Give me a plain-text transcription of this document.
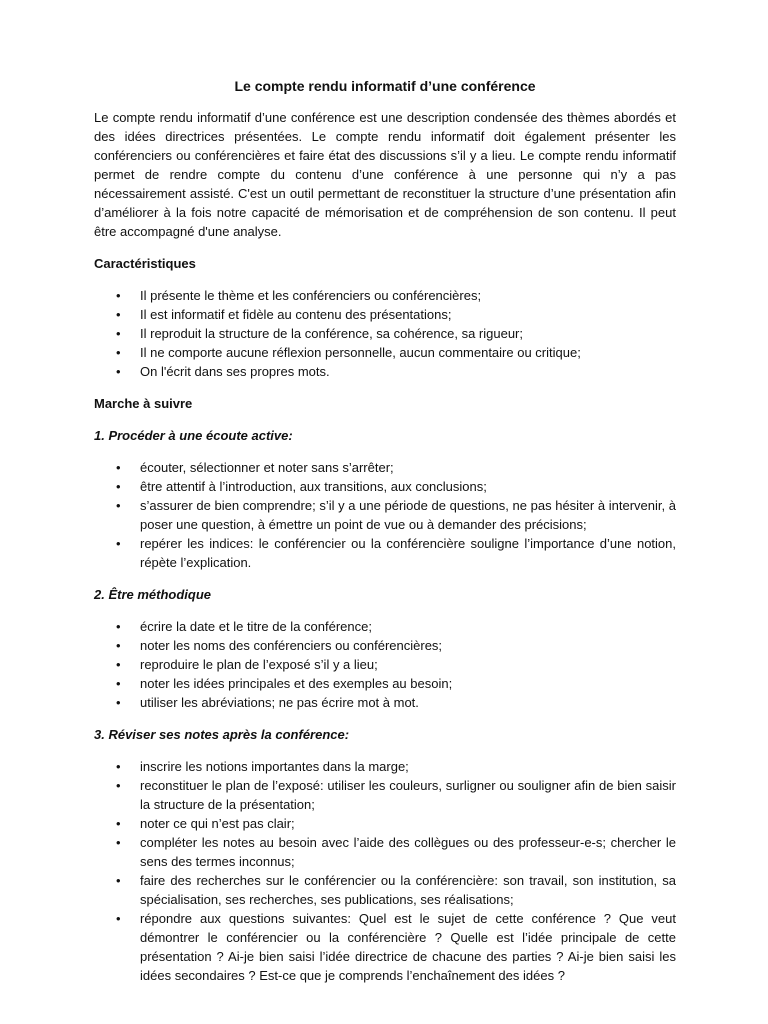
Le compte rendu informatif d’une conférence
Le compte rendu informatif d’une conférence est une description condensée des thèmes abordés et des idées directrices présentées. Le compte rendu informatif doit également présenter les conférenciers ou conférencières et faire état des discussions s’il y a lieu. Le compte rendu informatif permet de rendre compte du contenu d’une conférence à une personne qui n’y a pas nécessairement assisté. C'est un outil permettant de reconstituer la structure d’une présentation afin d’améliorer à la fois notre capacité de mémorisation et de compréhension de son contenu. Il peut être accompagné d'une analyse.
Caractéristiques
• Il présente le thème et les conférenciers ou conférencières;
• Il est informatif et fidèle au contenu des présentations;
• Il reproduit la structure de la conférence, sa cohérence, sa rigueur;
• Il ne comporte aucune réflexion personnelle, aucun commentaire ou critique;
• On l'écrit dans ses propres mots.
Marche à suivre
1. Procéder à une écoute active:
• écouter, sélectionner et noter sans s’arrêter;
• être attentif à l’introduction, aux transitions, aux conclusions;
• s’assurer de bien comprendre; s’il y a une période de questions, ne pas hésiter à intervenir, à poser une question, à émettre un point de vue ou à demander des précisions;
• repérer les indices: le conférencier ou la conférencière souligne l’importance d’une notion, répète l’explication.
2. Être méthodique
• écrire la date et le titre de la conférence;
• noter les noms des conférenciers ou conférencières;
• reproduire le plan de l’exposé s’il y a lieu;
• noter les idées principales et des exemples au besoin;
• utiliser les abréviations; ne pas écrire mot à mot.
3. Réviser ses notes après la conférence:
• inscrire les notions importantes dans la marge;
• reconstituer le plan de l’exposé: utiliser les couleurs, surligner ou souligner afin de bien saisir la structure de la présentation;
• noter ce qui n’est pas clair;
• compléter les notes au besoin avec l’aide des collègues ou des professeur-e-s; chercher le sens des termes inconnus;
• faire des recherches sur le conférencier ou la conférencière: son travail, son institution, sa spécialisation, ses recherches, ses publications, ses réalisations;
• répondre aux questions suivantes: Quel est le sujet de cette conférence ? Que veut démontrer le conférencier ou la conférencière ? Quelle est l’idée principale de cette présentation ? Ai-je bien saisi l’idée directrice de chacune des parties ? Ai-je bien saisi les idées secondaires ? Est-ce que je comprends l’enchaînement des idées ?
